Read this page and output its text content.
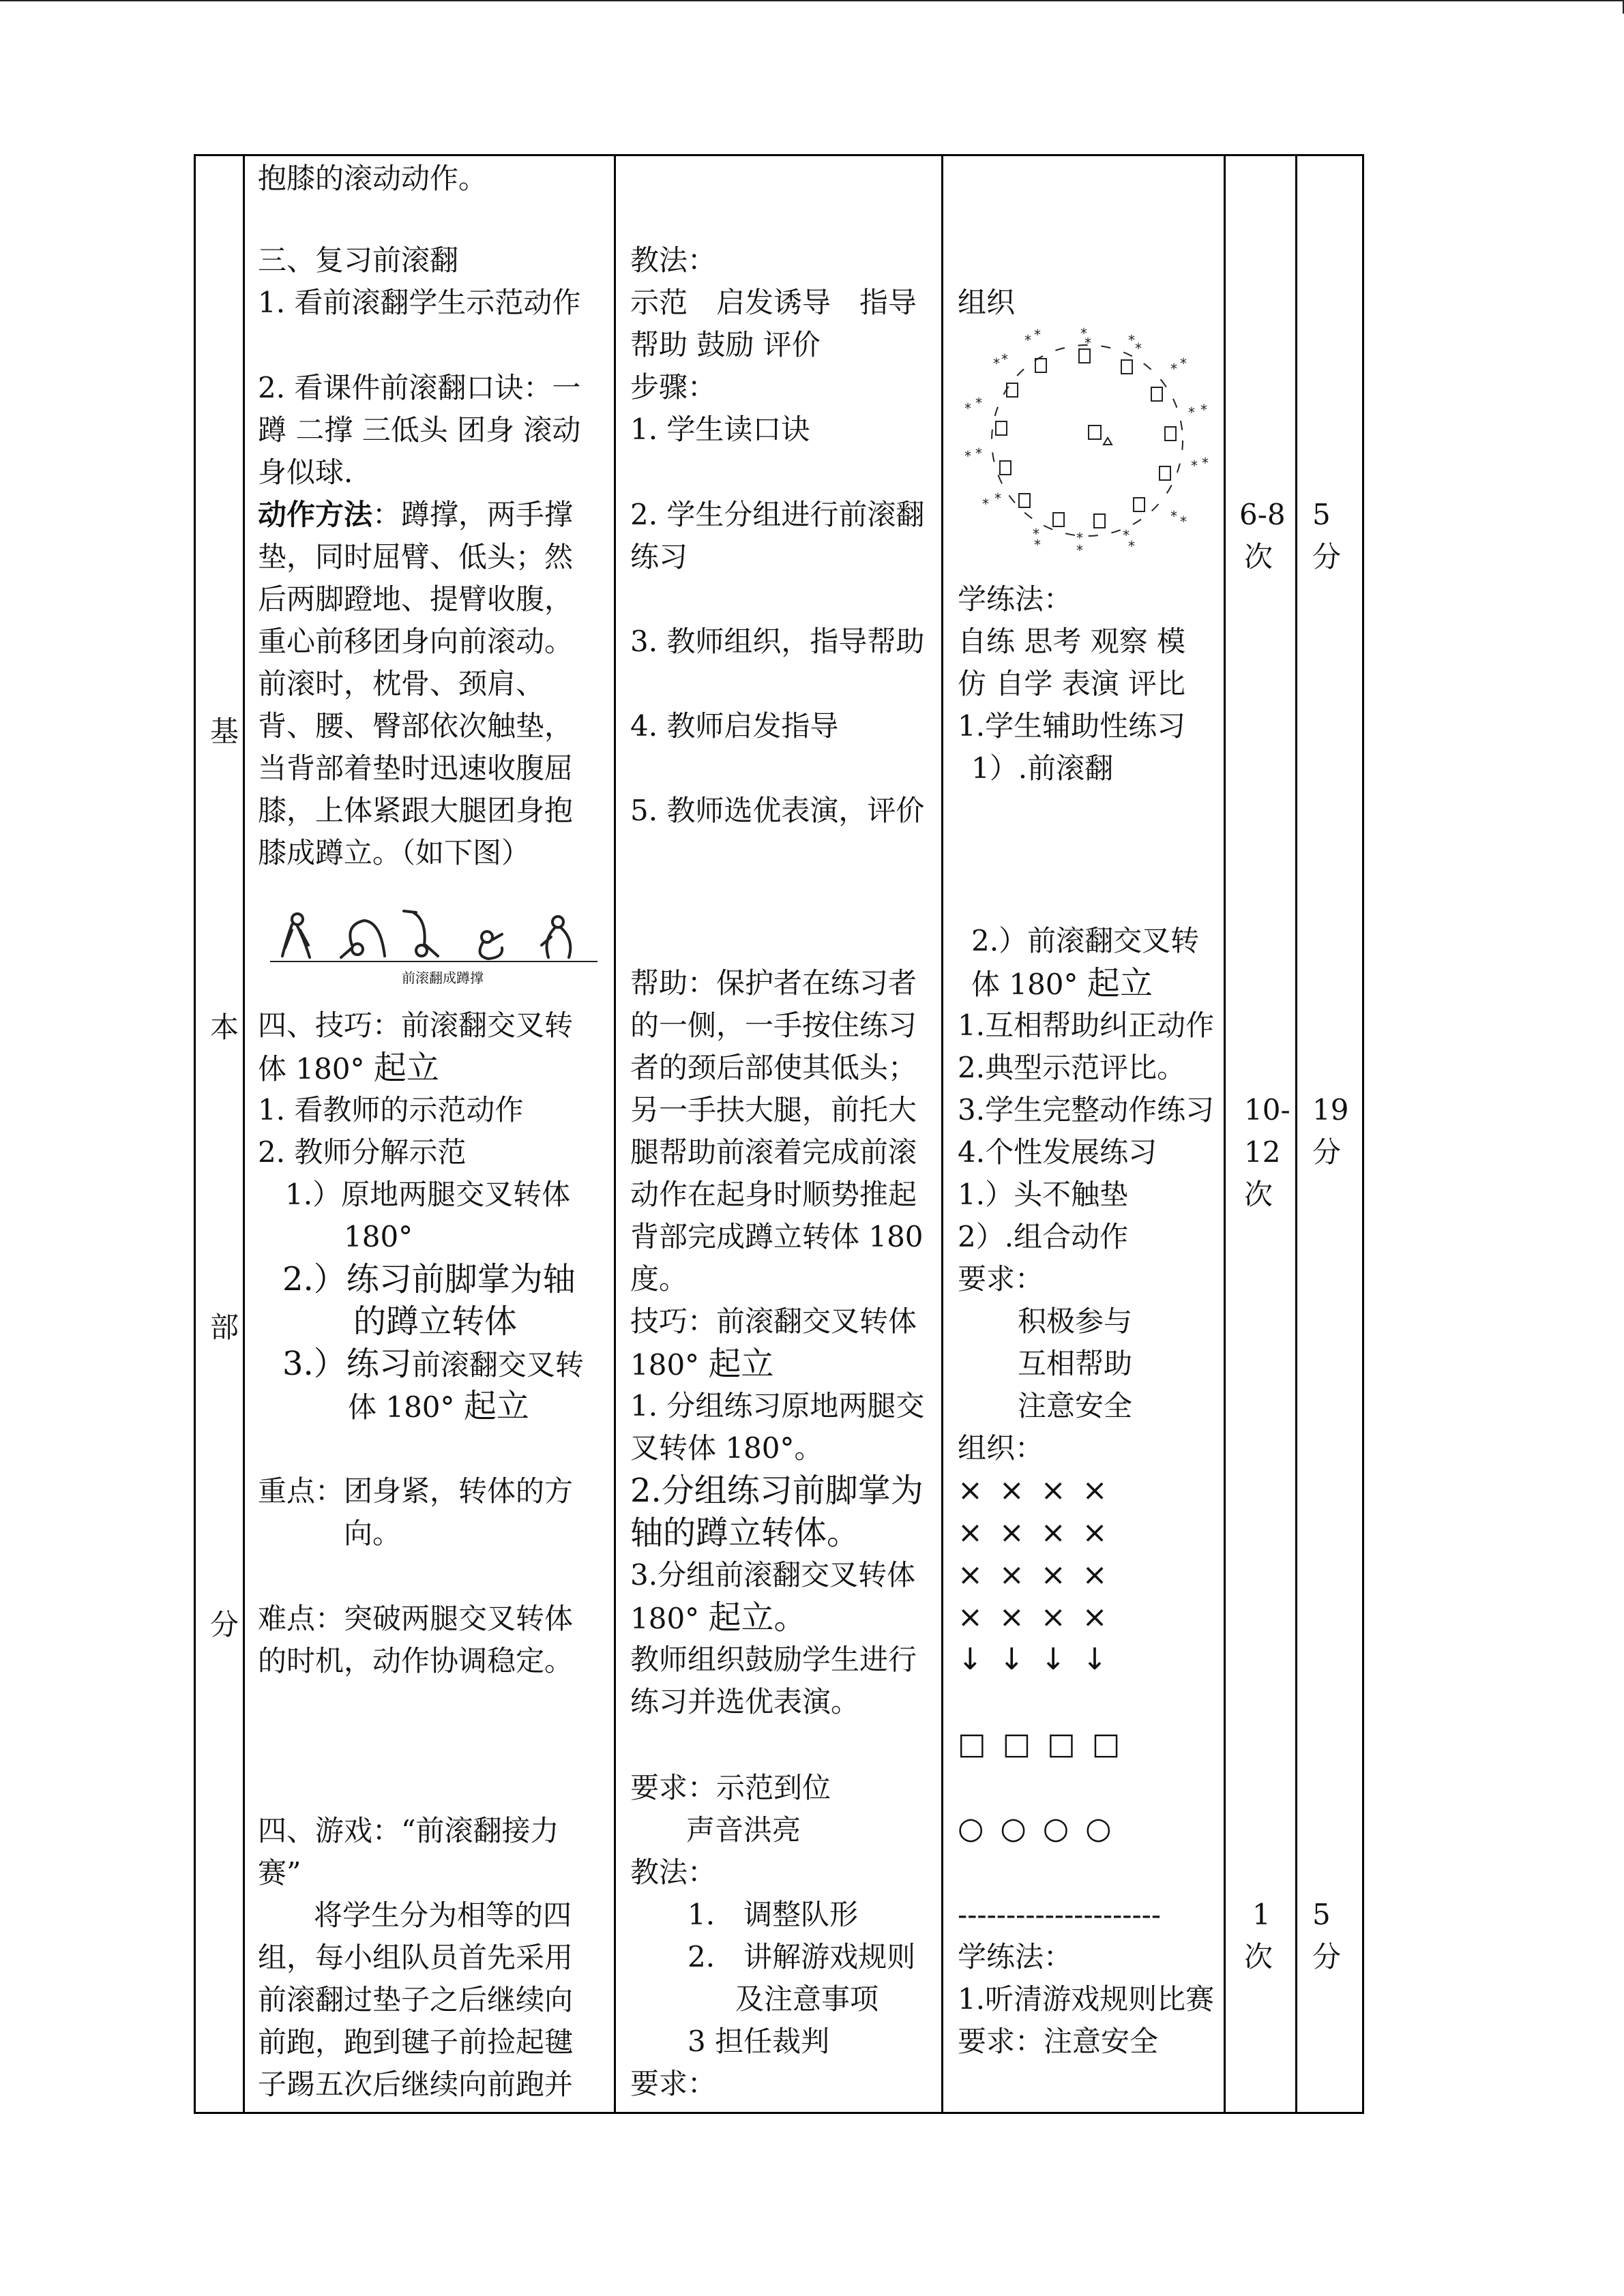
基
本
部
分
抱膝的滚动动作。
三、复习前滚翻
1. 看前滚翻学生示范动作
2. 看课件前滚翻口诀：一
蹲 二撑 三低头 团身 滚动
身似球.
动作方法：蹲撑，两手撑
垫，同时屈臂、低头；然
后两脚蹬地、提臂收腹，
重心前移团身向前滚动。
前滚时，枕骨、颈肩、
背、腰、臀部依次触垫，
当背部着垫时迅速收腹屈
膝，上体紧跟大腿团身抱
膝成蹲立。（如下图）
前滚翻成蹲撑
四、技巧：前滚翻交叉转
体 180° 起立
1. 看教师的示范动作
2. 教师分解示范
1.）原地两腿交叉转体
180°
2.）练习前脚掌为轴
的蹲立转体
3.）练习前滚翻交叉转
体 180° 起立
重点：团身紧，转体的方
向。
难点：突破两腿交叉转体
的时机，动作协调稳定。
四、游戏：“前滚翻接力
赛”
将学生分为相等的四
组，每小组队员首先采用
前滚翻过垫子之后继续向
前跑，跑到毽子前捡起毽
子踢五次后继续向前跑并
教法：
示范　启发诱导　指导
帮助 鼓励 评价
步骤：
1. 学生读口诀
2. 学生分组进行前滚翻
练习
3. 教师组织，指导帮助
4. 教师启发指导
5. 教师选优表演，评价
帮助：保护者在练习者
的一侧，一手按住练习
者的颈后部使其低头；
另一手扶大腿，前托大
腿帮助前滚着完成前滚
动作在起身时顺势推起
背部完成蹲立转体 180
度。
技巧：前滚翻交叉转体
180° 起立
1. 分组练习原地两腿交
叉转体 180°。
2.分组练习前脚掌为
轴的蹲立转体。
3.分组前滚翻交叉转体
180° 起立。
教师组织鼓励学生进行
练习并选优表演。
要求：示范到位
声音洪亮
教法：
1.　调整队形
2.　讲解游戏规则
及注意事项
3 担任裁判
要求：
组织
*
*	* *
* *
* *
* *
* *
*
*
*
*
*
*
* *
* *
* *
* *
* *
学练法：
自练 思考 观察 模
仿 自学 表演 评比
1.学生辅助性练习
1）.前滚翻
2.）前滚翻交叉转
体 180° 起立
1.互相帮助纠正动作
2.典型示范评比。
3.学生完整动作练习
4.个性发展练习
1.）头不触垫
2）.组合动作
要求：
积极参与
互相帮助
注意安全
组织：
××××
××××
××××
××××
↓↓↓↓
□□□□
○○○○
---------------------
学练法：
1.听清游戏规则比赛
要求：注意安全
6-8
次
10-
12
次
1
次
5
分
19
分
5
分
